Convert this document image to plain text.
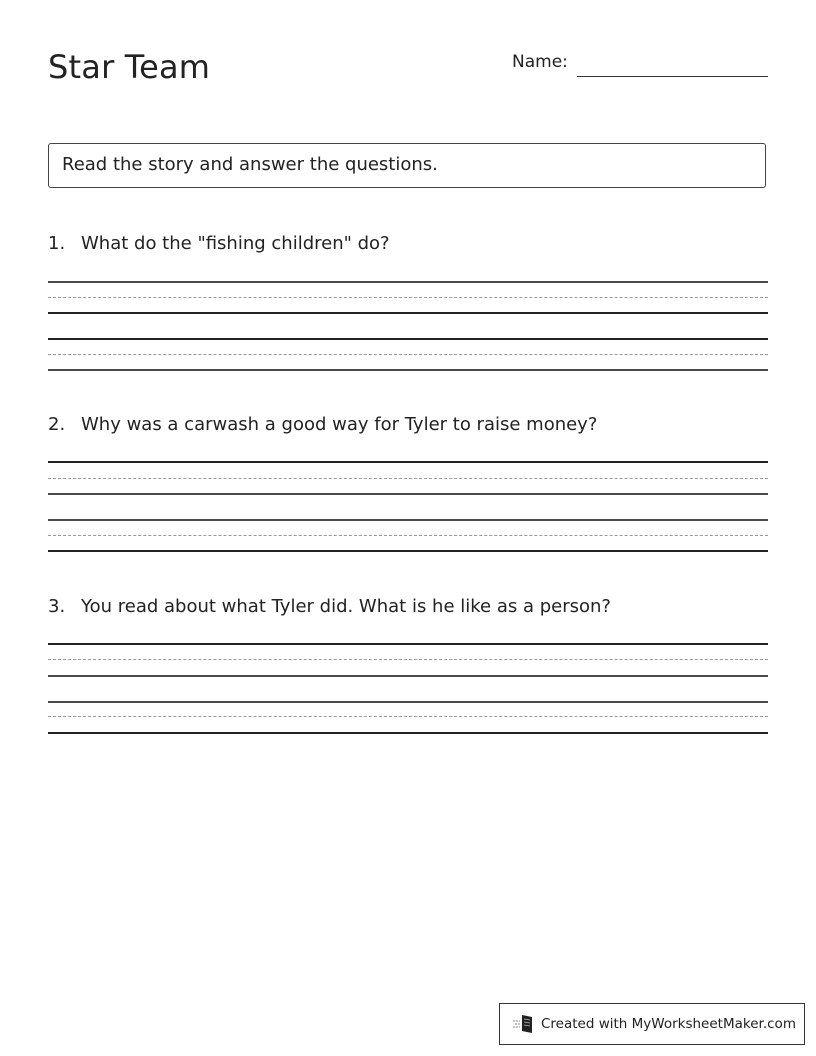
Star Team	Name:
Read the story and answer the questions.
1. What do the "fishing children" do?
2. Why was a carwash a good way for Tyler to raise money?
3. You read about what Tyler did. What is he like as a person?
Created with MyWorksheetMaker.com
